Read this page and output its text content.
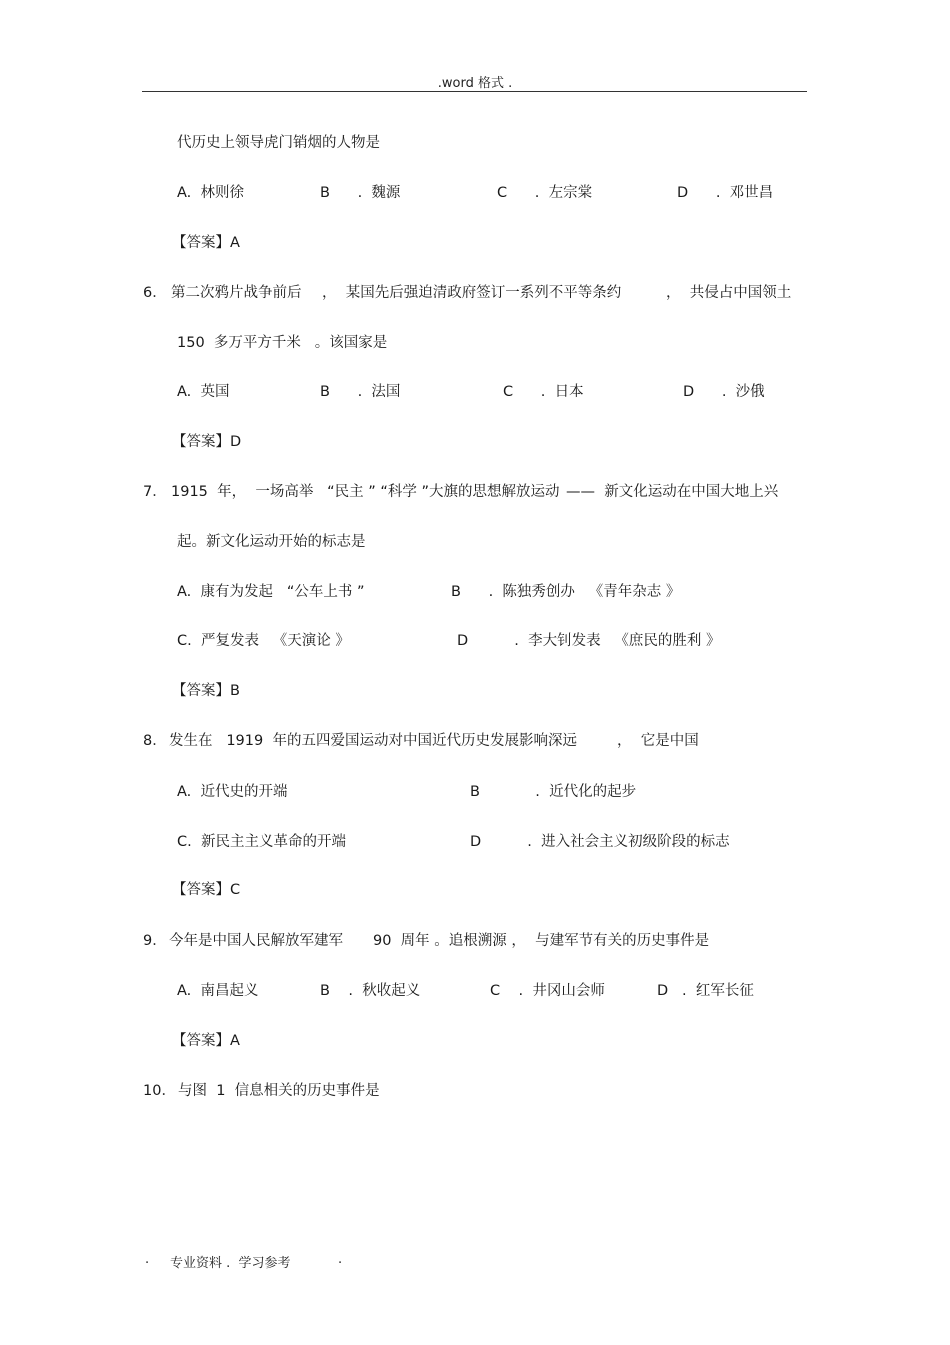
.word 格式 .
代历史上领导虎门销烟的人物是
A.  林则徐	B      .  魏源	C      .  左宗棠	D      .  邓世昌
【答案】A
6． 第二次鸦片战争前后 ，  某国先后强迫清政府签订一系列不平等条约	，  共侵占中国领土
150  多万平方千米   。该国家是
A.  英国	B      .  法国	C      .  日本	D      .  沙俄
【答案】D
7． 1915  年，  一场高举   “民主 ” “科学 ”大旗的思想解放运动 ——  新文化运动在中国大地上兴
起。新文化运动开始的标志是
A.  康有为发起   “公车上书 ”	B      .  陈独秀创办   《青年杂志 》
C.  严复发表   《天演论 》	D          .  李大钊发表   《庶民的胜利 》
【答案】B
8． 发生在   1919  年的五四爱国运动对中国近代历史发展影响深远	，  它是中国
A.  近代史的开端	B            .  近代化的起步
C.  新民主主义革命的开端	D          .  进入社会主义初级阶段的标志
【答案】C
9． 今年是中国人民解放军建军 90  周年 。追根溯源 ，  与建军节有关的历史事件是
A.  南昌起义	B    .  秋收起义	C    .  井冈山会师	D   .  红军长征
【答案】A
10． 与图  1  信息相关的历史事件是
. 专业资料 .  学习参考	.
